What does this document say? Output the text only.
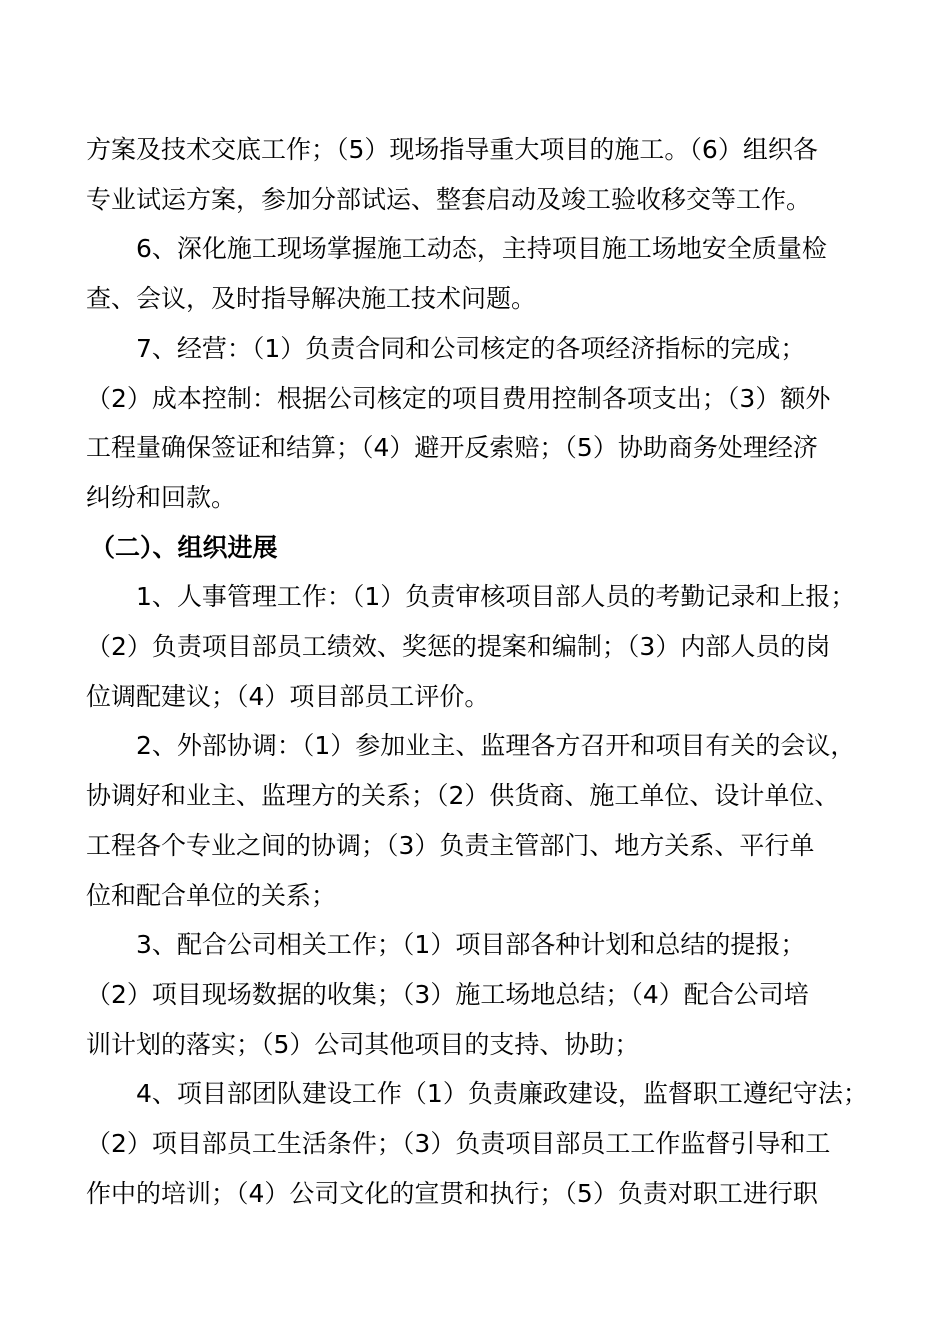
方案及技术交底工作；（5）现场指导重大项目的施工。（6）组织各
专业试运方案，参加分部试运、整套启动及竣工验收移交等工作。
6、深化施工现场掌握施工动态，主持项目施工场地安全质量检
查、会议，及时指导解决施工技术问题。
7、经营：（1）负责合同和公司核定的各项经济指标的完成；
（2）成本控制：根据公司核定的项目费用控制各项支出；（3）额外
工程量确保签证和结算；（4）避开反索赔；（5）协助商务处理经济
纠纷和回款。
（二）、组织进展
1、人事管理工作：（1）负责审核项目部人员的考勤记录和上报；
（2）负责项目部员工绩效、奖惩的提案和编制；（3）内部人员的岗
位调配建议；（4）项目部员工评价。
2、外部协调：（1）参加业主、监理各方召开和项目有关的会议，
协调好和业主、监理方的关系；（2）供货商、施工单位、设计单位、
工程各个专业之间的协调；（3）负责主管部门、地方关系、平行单
位和配合单位的关系；
3、配合公司相关工作；（1）项目部各种计划和总结的提报；
（2）项目现场数据的收集；（3）施工场地总结；（4）配合公司培
训计划的落实；（5）公司其他项目的支持、协助；
4、项目部团队建设工作（1）负责廉政建设，监督职工遵纪守法；
（2）项目部员工生活条件；（3）负责项目部员工工作监督引导和工
作中的培训；（4）公司文化的宣贯和执行；（5）负责对职工进行职
